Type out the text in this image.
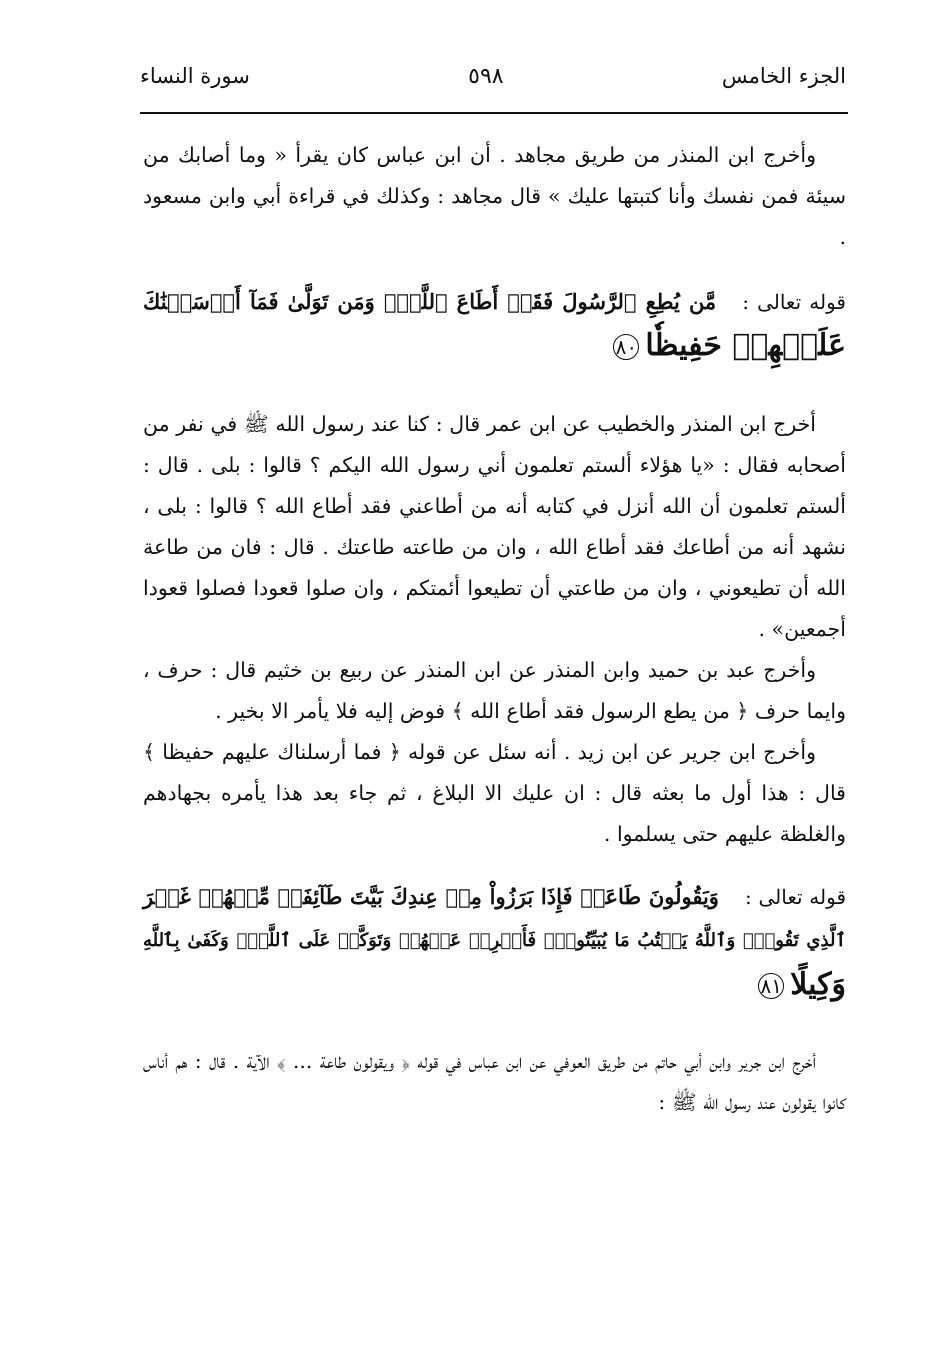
الجزء الخامس
٥٩٨
سورة النساء

وأخرج ابن المنذر من طريق مجاهد . أن ابن عباس كان يقرأ « وما أصابك من سيئة فمن نفسك وأنا كتبتها عليك » قال مجاهد : وكذلك في قراءة أبي وابن مسعود .

قوله تعالى :مَّن يُطِعِ ٱلرَّسُولَ فَقَدۡ أَطَاعَ ٱللَّهَۖ وَمَن تَوَلَّىٰ فَمَآ أَرۡسَلۡنَٰكَ
عَلَيۡهِمۡ حَفِيظٗا٨٠

أخرج ابن المنذر والخطيب عن ابن عمر قال : كنا عند رسول الله ﷺ في نفر من أصحابه فقال : «يا هؤلاء ألستم تعلمون أني رسول الله اليكم ؟ قالوا : بلى . قال : ألستم تعلمون أن الله أنزل في كتابه أنه من أطاعني فقد أطاع الله ؟ قالوا : بلى ، نشهد أنه من أطاعك فقد أطاع الله ، وان من طاعته طاعتك . قال : فان من طاعة الله أن تطيعوني ، وان من طاعتي أن تطيعوا أئمتكم ، وان صلوا قعودا فصلوا قعودا أجمعين» .

وأخرج عبد بن حميد وابن المنذر عن ابن المنذر عن ربيع بن خثيم قال : حرف ، وايما حرف ﴿ من يطع الرسول فقد أطاع الله ﴾ فوض إليه فلا يأمر الا بخير .

وأخرج ابن جرير عن ابن زيد . أنه سئل عن قوله ﴿ فما أرسلناك عليهم حفيظا ﴾ قال : هذا أول ما بعثه قال : ان عليك الا البلاغ ، ثم جاء بعد هذا يأمره بجهادهم والغلظة عليهم حتى يسلموا .

قوله تعالى :وَيَقُولُونَ طَاعَةٞ فَإِذَا بَرَزُواْ مِنۡ عِندِكَ بَيَّتَ طَآئِفَةٞ مِّنۡهُمۡ غَيۡرَ
ٱلَّذِي تَقُولُۖ وَٱللَّهُ يَكۡتُبُ مَا يُبَيِّتُونَۖ فَأَعۡرِضۡ عَنۡهُمۡ وَتَوَكَّلۡ عَلَى ٱللَّهِۚ وَكَفَىٰ بِٱللَّهِ
وَكِيلًا٨١

أخرج ابن جرير وابن أبي حاتم من طريق العوفي عن ابن عباس في قوله ﴿ ويقولون طاعة ... ﴾ الآية . قال : هم أناس كانوا يقولون عند رسول الله ﷺ :
